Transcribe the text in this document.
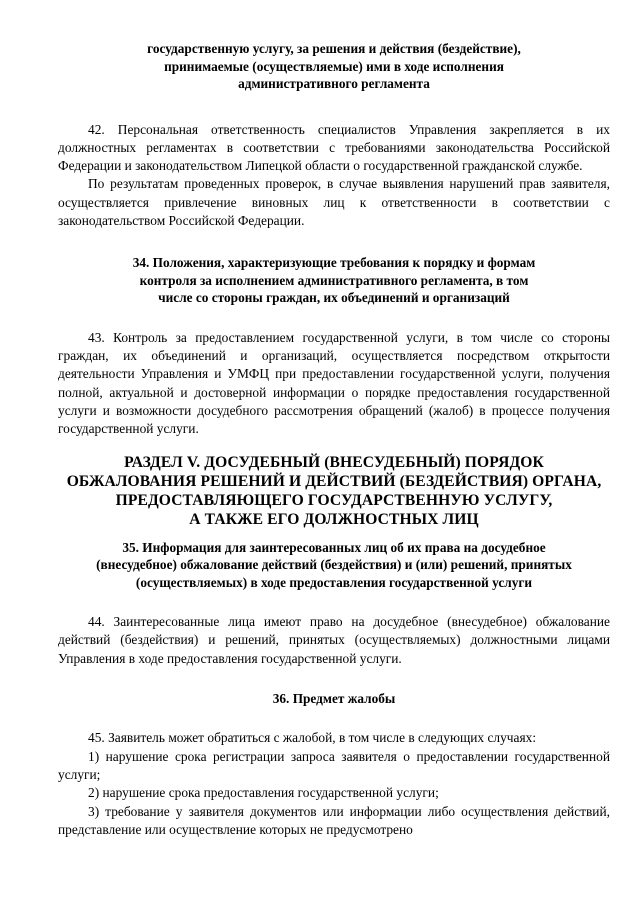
государственную услугу, за решения и действия (бездействие),
принимаемые (осуществляемые) ими в ходе исполнения
административного регламента

42. Персональная ответственность специалистов Управления закрепляется в их должностных регламентах в соответствии с требованиями законодательства Российской Федерации и законодательством Липецкой области о государственной гражданской службе.

По результатам проведенных проверок, в случае выявления нарушений прав заявителя, осуществляется привлечение виновных лиц к ответственности в соответствии с законодательством Российской Федерации.

34. Положения, характеризующие требования к порядку и формам
контроля за исполнением административного регламента, в том
числе со стороны граждан, их объединений и организаций

43. Контроль за предоставлением государственной услуги, в том числе со стороны граждан, их объединений и организаций, осуществляется посредством открытости деятельности Управления и УМФЦ при предоставлении государственной услуги, получения полной, актуальной и достоверной информации о порядке предоставления государственной услуги и возможности досудебного рассмотрения обращений (жалоб) в процессе получения государственной услуги.

РАЗДЕЛ V. ДОСУДЕБНЫЙ (ВНЕСУДЕБНЫЙ) ПОРЯДОК
ОБЖАЛОВАНИЯ РЕШЕНИЙ И ДЕЙСТВИЙ (БЕЗДЕЙСТВИЯ) ОРГАНА,
ПРЕДОСТАВЛЯЮЩЕГО ГОСУДАРСТВЕННУЮ УСЛУГУ,
А ТАКЖЕ ЕГО ДОЛЖНОСТНЫХ ЛИЦ
35. Информация для заинтересованных лиц об их права на досудебное
(внесудебное) обжалование действий (бездействия) и (или) решений, принятых
(осуществляемых) в ходе предоставления государственной услуги

44. Заинтересованные лица имеют право на досудебное (внесудебное) обжалование действий (бездействия) и решений, принятых (осуществляемых) должностными лицами Управления в ходе предоставления государственной услуги.

36. Предмет жалобы

45. Заявитель может обратиться с жалобой, в том числе в следующих случаях:

1) нарушение срока регистрации запроса заявителя о предоставлении государственной услуги;

2) нарушение срока предоставления государственной услуги;

3) требование у заявителя документов или информации либо осуществления действий, представление или осуществление которых не предусмотрено
